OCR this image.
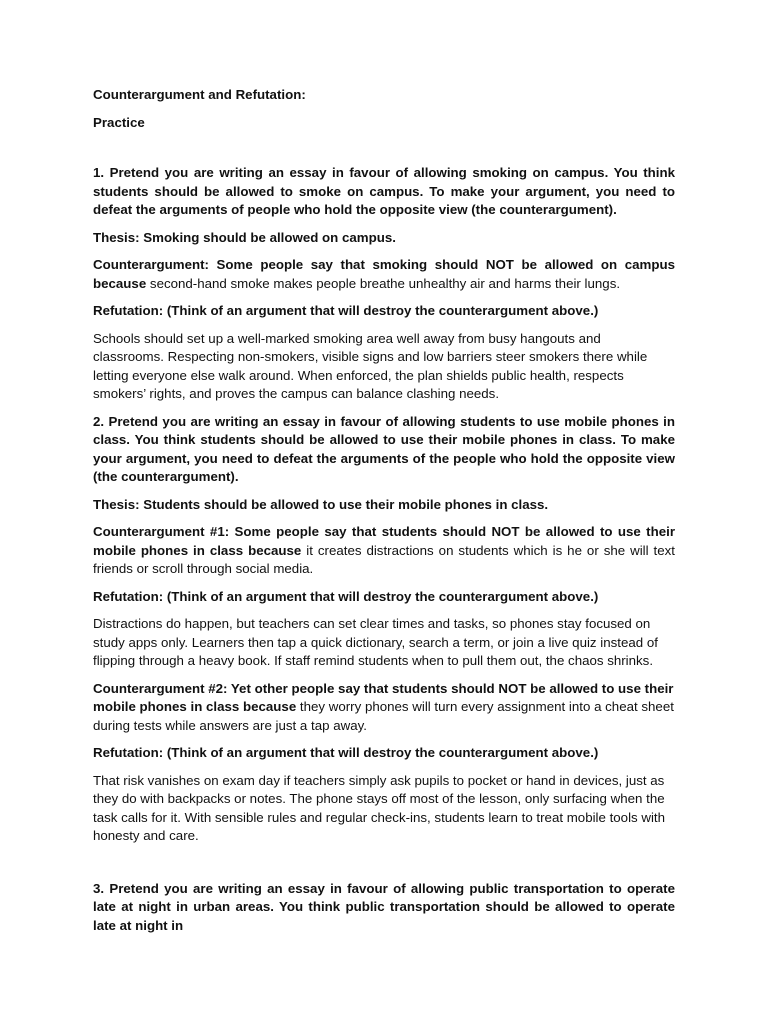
Counterargument and Refutation:

Practice

1. Pretend you are writing an essay in favour of allowing smoking on campus. You think students should be allowed to smoke on campus. To make your argument, you need to defeat the arguments of people who hold the opposite view (the counterargument).

Thesis: Smoking should be allowed on campus.

Counterargument: Some people say that smoking should NOT be allowed on campus because second-hand smoke makes people breathe unhealthy air and harms their lungs.

Refutation: (Think of an argument that will destroy the counterargument above.)

Schools should set up a well-marked smoking area well away from busy hangouts and classrooms. Respecting non-smokers, visible signs and low barriers steer smokers there while letting everyone else walk around. When enforced, the plan shields public health, respects smokers’ rights, and proves the campus can balance clashing needs.

2. Pretend you are writing an essay in favour of allowing students to use mobile phones in class. You think students should be allowed to use their mobile phones in class. To make your argument, you need to defeat the arguments of the people who hold the opposite view (the counterargument).

Thesis: Students should be allowed to use their mobile phones in class.

Counterargument #1: Some people say that students should NOT be allowed to use their mobile phones in class because it creates distractions on students which is he or she will text friends or scroll through social media.

Refutation: (Think of an argument that will destroy the counterargument above.)

Distractions do happen, but teachers can set clear times and tasks, so phones stay focused on study apps only. Learners then tap a quick dictionary, search a term, or join a live quiz instead of flipping through a heavy book. If staff remind students when to pull them out, the chaos shrinks.

Counterargument #2: Yet other people say that students should NOT be allowed to use their mobile phones in class because they worry phones will turn every assignment into a cheat sheet during tests while answers are just a tap away.

Refutation: (Think of an argument that will destroy the counterargument above.)

That risk vanishes on exam day if teachers simply ask pupils to pocket or hand in devices, just as they do with backpacks or notes. The phone stays off most of the lesson, only surfacing when the task calls for it. With sensible rules and regular check-ins, students learn to treat mobile tools with honesty and care.

3. Pretend you are writing an essay in favour of allowing public transportation to operate late at night in urban areas. You think public transportation should be allowed to operate late at night in
